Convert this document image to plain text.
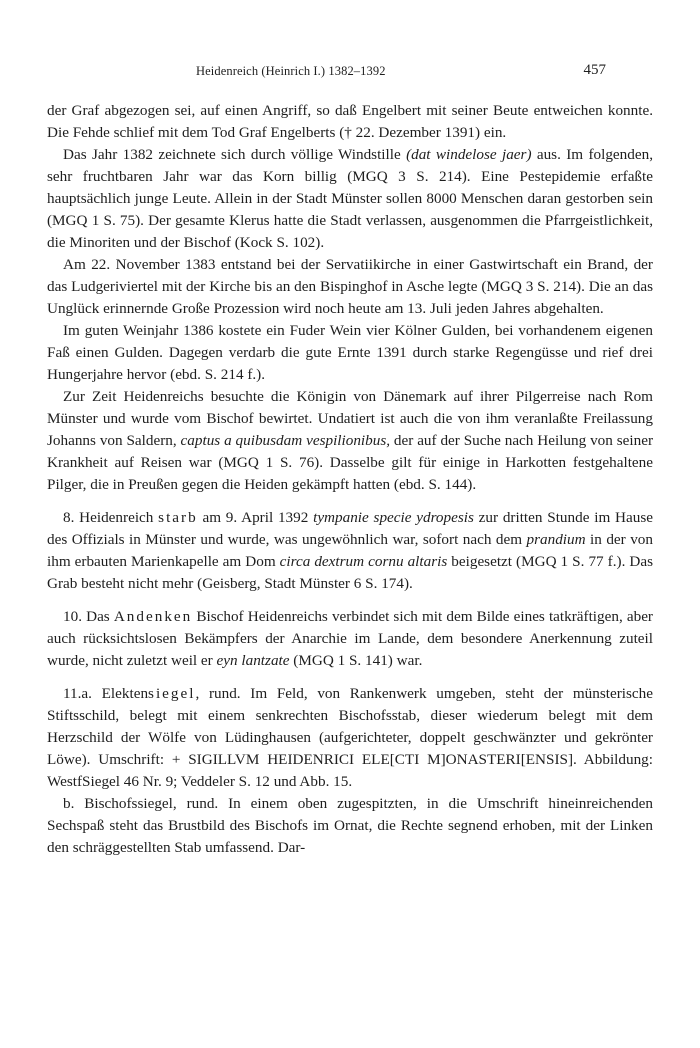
Heidenreich (Heinrich I.) 1382–1392	457

der Graf abgezogen sei, auf einen Angriff, so daß Engelbert mit seiner Beute entweichen konnte. Die Fehde schlief mit dem Tod Graf Engelberts († 22. Dezember 1391) ein.

Das Jahr 1382 zeichnete sich durch völlige Windstille (dat windelose jaer) aus. Im folgenden, sehr fruchtbaren Jahr war das Korn billig (MGQ 3 S. 214). Eine Pestepidemie erfaßte hauptsächlich junge Leute. Allein in der Stadt Münster sollen 8000 Menschen daran gestorben sein (MGQ 1 S. 75). Der gesamte Klerus hatte die Stadt verlassen, ausgenommen die Pfarrgeistlichkeit, die Minoriten und der Bischof (Kock S. 102).

Am 22. November 1383 entstand bei der Servatiikirche in einer Gastwirtschaft ein Brand, der das Ludgeriviertel mit der Kirche bis an den Bispinghof in Asche legte (MGQ 3 S. 214). Die an das Unglück erinnernde Große Prozession wird noch heute am 13. Juli jeden Jahres abgehalten.

Im guten Weinjahr 1386 kostete ein Fuder Wein vier Kölner Gulden, bei vorhandenem eigenen Faß einen Gulden. Dagegen verdarb die gute Ernte 1391 durch starke Regengüsse und rief drei Hungerjahre hervor (ebd. S. 214 f.).

Zur Zeit Heidenreichs besuchte die Königin von Dänemark auf ihrer Pilgerreise nach Rom Münster und wurde vom Bischof bewirtet. Undatiert ist auch die von ihm veranlaßte Freilassung Johanns von Saldern, captus a quibusdam vespilionibus, der auf der Suche nach Heilung von seiner Krankheit auf Reisen war (MGQ 1 S. 76). Dasselbe gilt für einige in Harkotten festgehaltene Pilger, die in Preußen gegen die Heiden gekämpft hatten (ebd. S. 144).

8. Heidenreich starb am 9. April 1392 tympanie specie ydropesis zur dritten Stunde im Hause des Offizials in Münster und wurde, was ungewöhnlich war, sofort nach dem prandium in der von ihm erbauten Marienkapelle am Dom circa dextrum cornu altaris beigesetzt (MGQ 1 S. 77 f.). Das Grab besteht nicht mehr (Geisberg, Stadt Münster 6 S. 174).

10. Das Andenken Bischof Heidenreichs verbindet sich mit dem Bilde eines tatkräftigen, aber auch rücksichtslosen Bekämpfers der Anarchie im Lande, dem besondere Anerkennung zuteil wurde, nicht zuletzt weil er eyn lantzate (MGQ 1 S. 141) war.

11.a. Elektensiegel, rund. Im Feld, von Rankenwerk umgeben, steht der münsterische Stiftsschild, belegt mit einem senkrechten Bischofsstab, dieser wiederum belegt mit dem Herzschild der Wölfe von Lüdinghausen (aufgerichteter, doppelt geschwänzter und gekrönter Löwe). Umschrift: + SIGILLVM HEIDENRICI ELE[CTI M]ONASTERI[ENSIS]. Abbildung: WestfSiegel 46 Nr. 9; Veddeler S. 12 und Abb. 15.

b. Bischofssiegel, rund. In einem oben zugespitzten, in die Umschrift hineinreichenden Sechspaß steht das Brustbild des Bischofs im Ornat, die Rechte segnend erhoben, mit der Linken den schräggestellten Stab umfassend. Dar-
